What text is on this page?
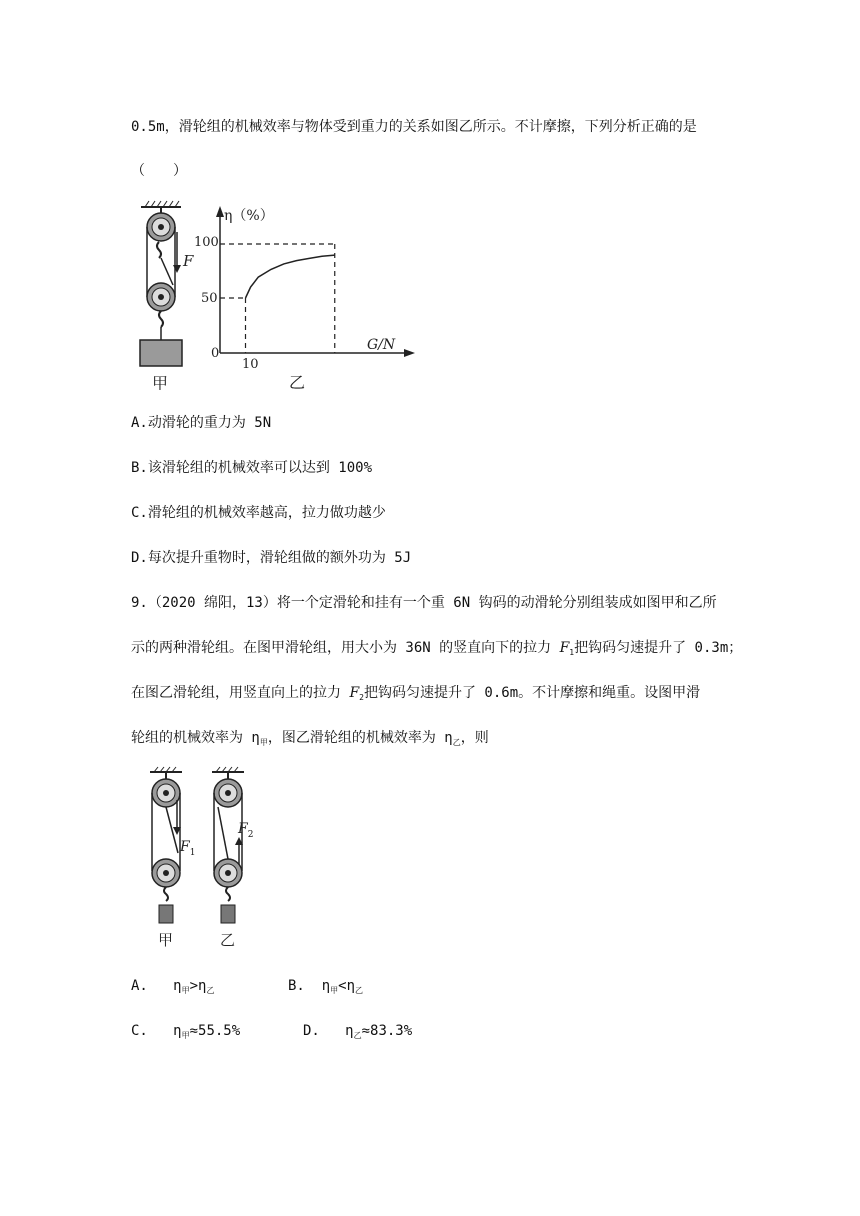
0.5m，滑轮组的机械效率与物体受到重力的关系如图乙所示。不计摩擦，下列分析正确的是
（　　）
F
甲
η（%）
G/N
100
50
0
10
乙
A.动滑轮的重力为 5N
B.该滑轮组的机械效率可以达到 100%
C.滑轮组的机械效率越高，拉力做功越少
D.每次提升重物时，滑轮组做的额外功为 5J
9.（2020 绵阳，13）将一个定滑轮和挂有一个重 6N 钩码的动滑轮分别组装成如图甲和乙所
示的两种滑轮组。在图甲滑轮组，用大小为 36N 的竖直向下的拉力 $F_1$把钩码匀速提升了 0.3m；
在图乙滑轮组，用竖直向上的拉力 $F_2$把钩码匀速提升了 0.6m。不计摩擦和绳重。设图甲滑
轮组的机械效率为 $\eta_甲$，图乙滑轮组的机械效率为 $\eta_乙$，则
$F_1$
甲
$F_2$
乙
A. $\eta_甲>\eta_乙$	B. $\eta_甲<\eta_乙$
C. $\eta_甲\approx 55.5\%$	D. $\eta_乙\approx 83.3\%$
